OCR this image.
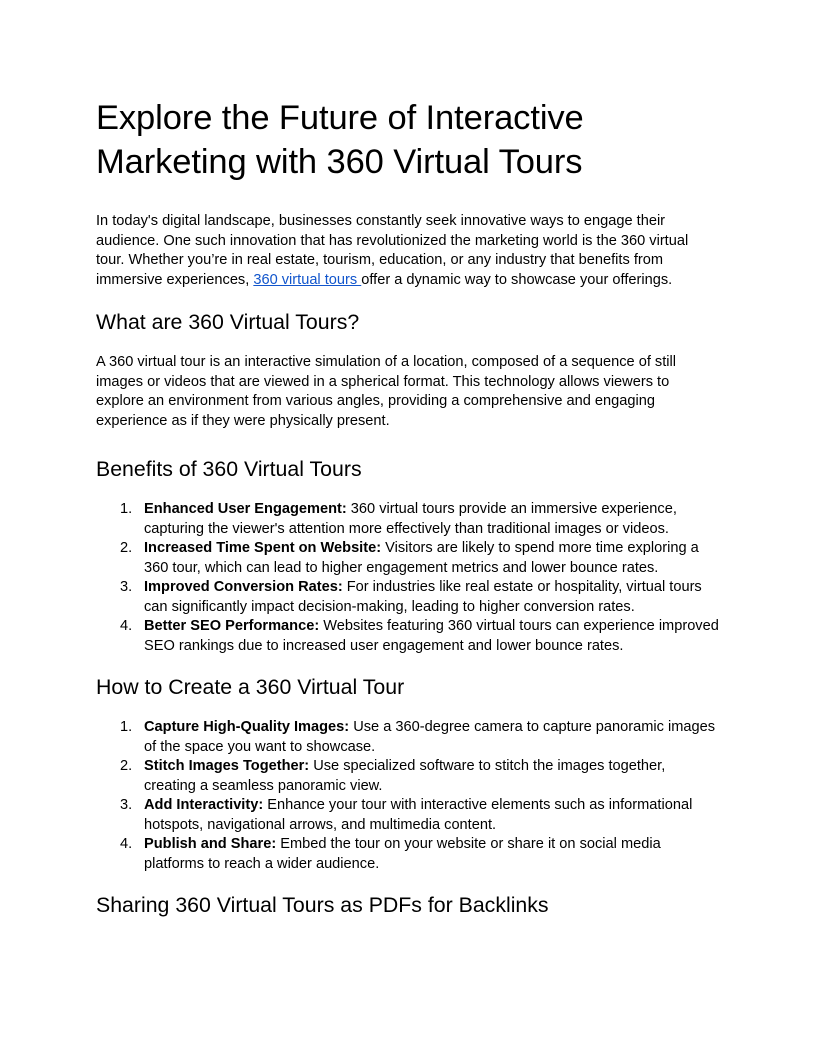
Explore the Future of Interactive Marketing with 360 Virtual Tours

In today's digital landscape, businesses constantly seek innovative ways to engage their audience. One such innovation that has revolutionized the marketing world is the 360 virtual tour. Whether you’re in real estate, tourism, education, or any industry that benefits from immersive experiences, 360 virtual tours offer a dynamic way to showcase your offerings.

What are 360 Virtual Tours?

A 360 virtual tour is an interactive simulation of a location, composed of a sequence of still images or videos that are viewed in a spherical format. This technology allows viewers to explore an environment from various angles, providing a comprehensive and engaging experience as if they were physically present.

Benefits of 360 Virtual Tours
1. Enhanced User Engagement: 360 virtual tours provide an immersive experience, capturing the viewer's attention more effectively than traditional images or videos.
2. Increased Time Spent on Website: Visitors are likely to spend more time exploring a 360 tour, which can lead to higher engagement metrics and lower bounce rates.
3. Improved Conversion Rates: For industries like real estate or hospitality, virtual tours can significantly impact decision-making, leading to higher conversion rates.
4. Better SEO Performance: Websites featuring 360 virtual tours can experience improved SEO rankings due to increased user engagement and lower bounce rates.
How to Create a 360 Virtual Tour
1. Capture High-Quality Images: Use a 360-degree camera to capture panoramic images of the space you want to showcase.
2. Stitch Images Together: Use specialized software to stitch the images together, creating a seamless panoramic view.
3. Add Interactivity: Enhance your tour with interactive elements such as informational hotspots, navigational arrows, and multimedia content.
4. Publish and Share: Embed the tour on your website or share it on social media platforms to reach a wider audience.
Sharing 360 Virtual Tours as PDFs for Backlinks
